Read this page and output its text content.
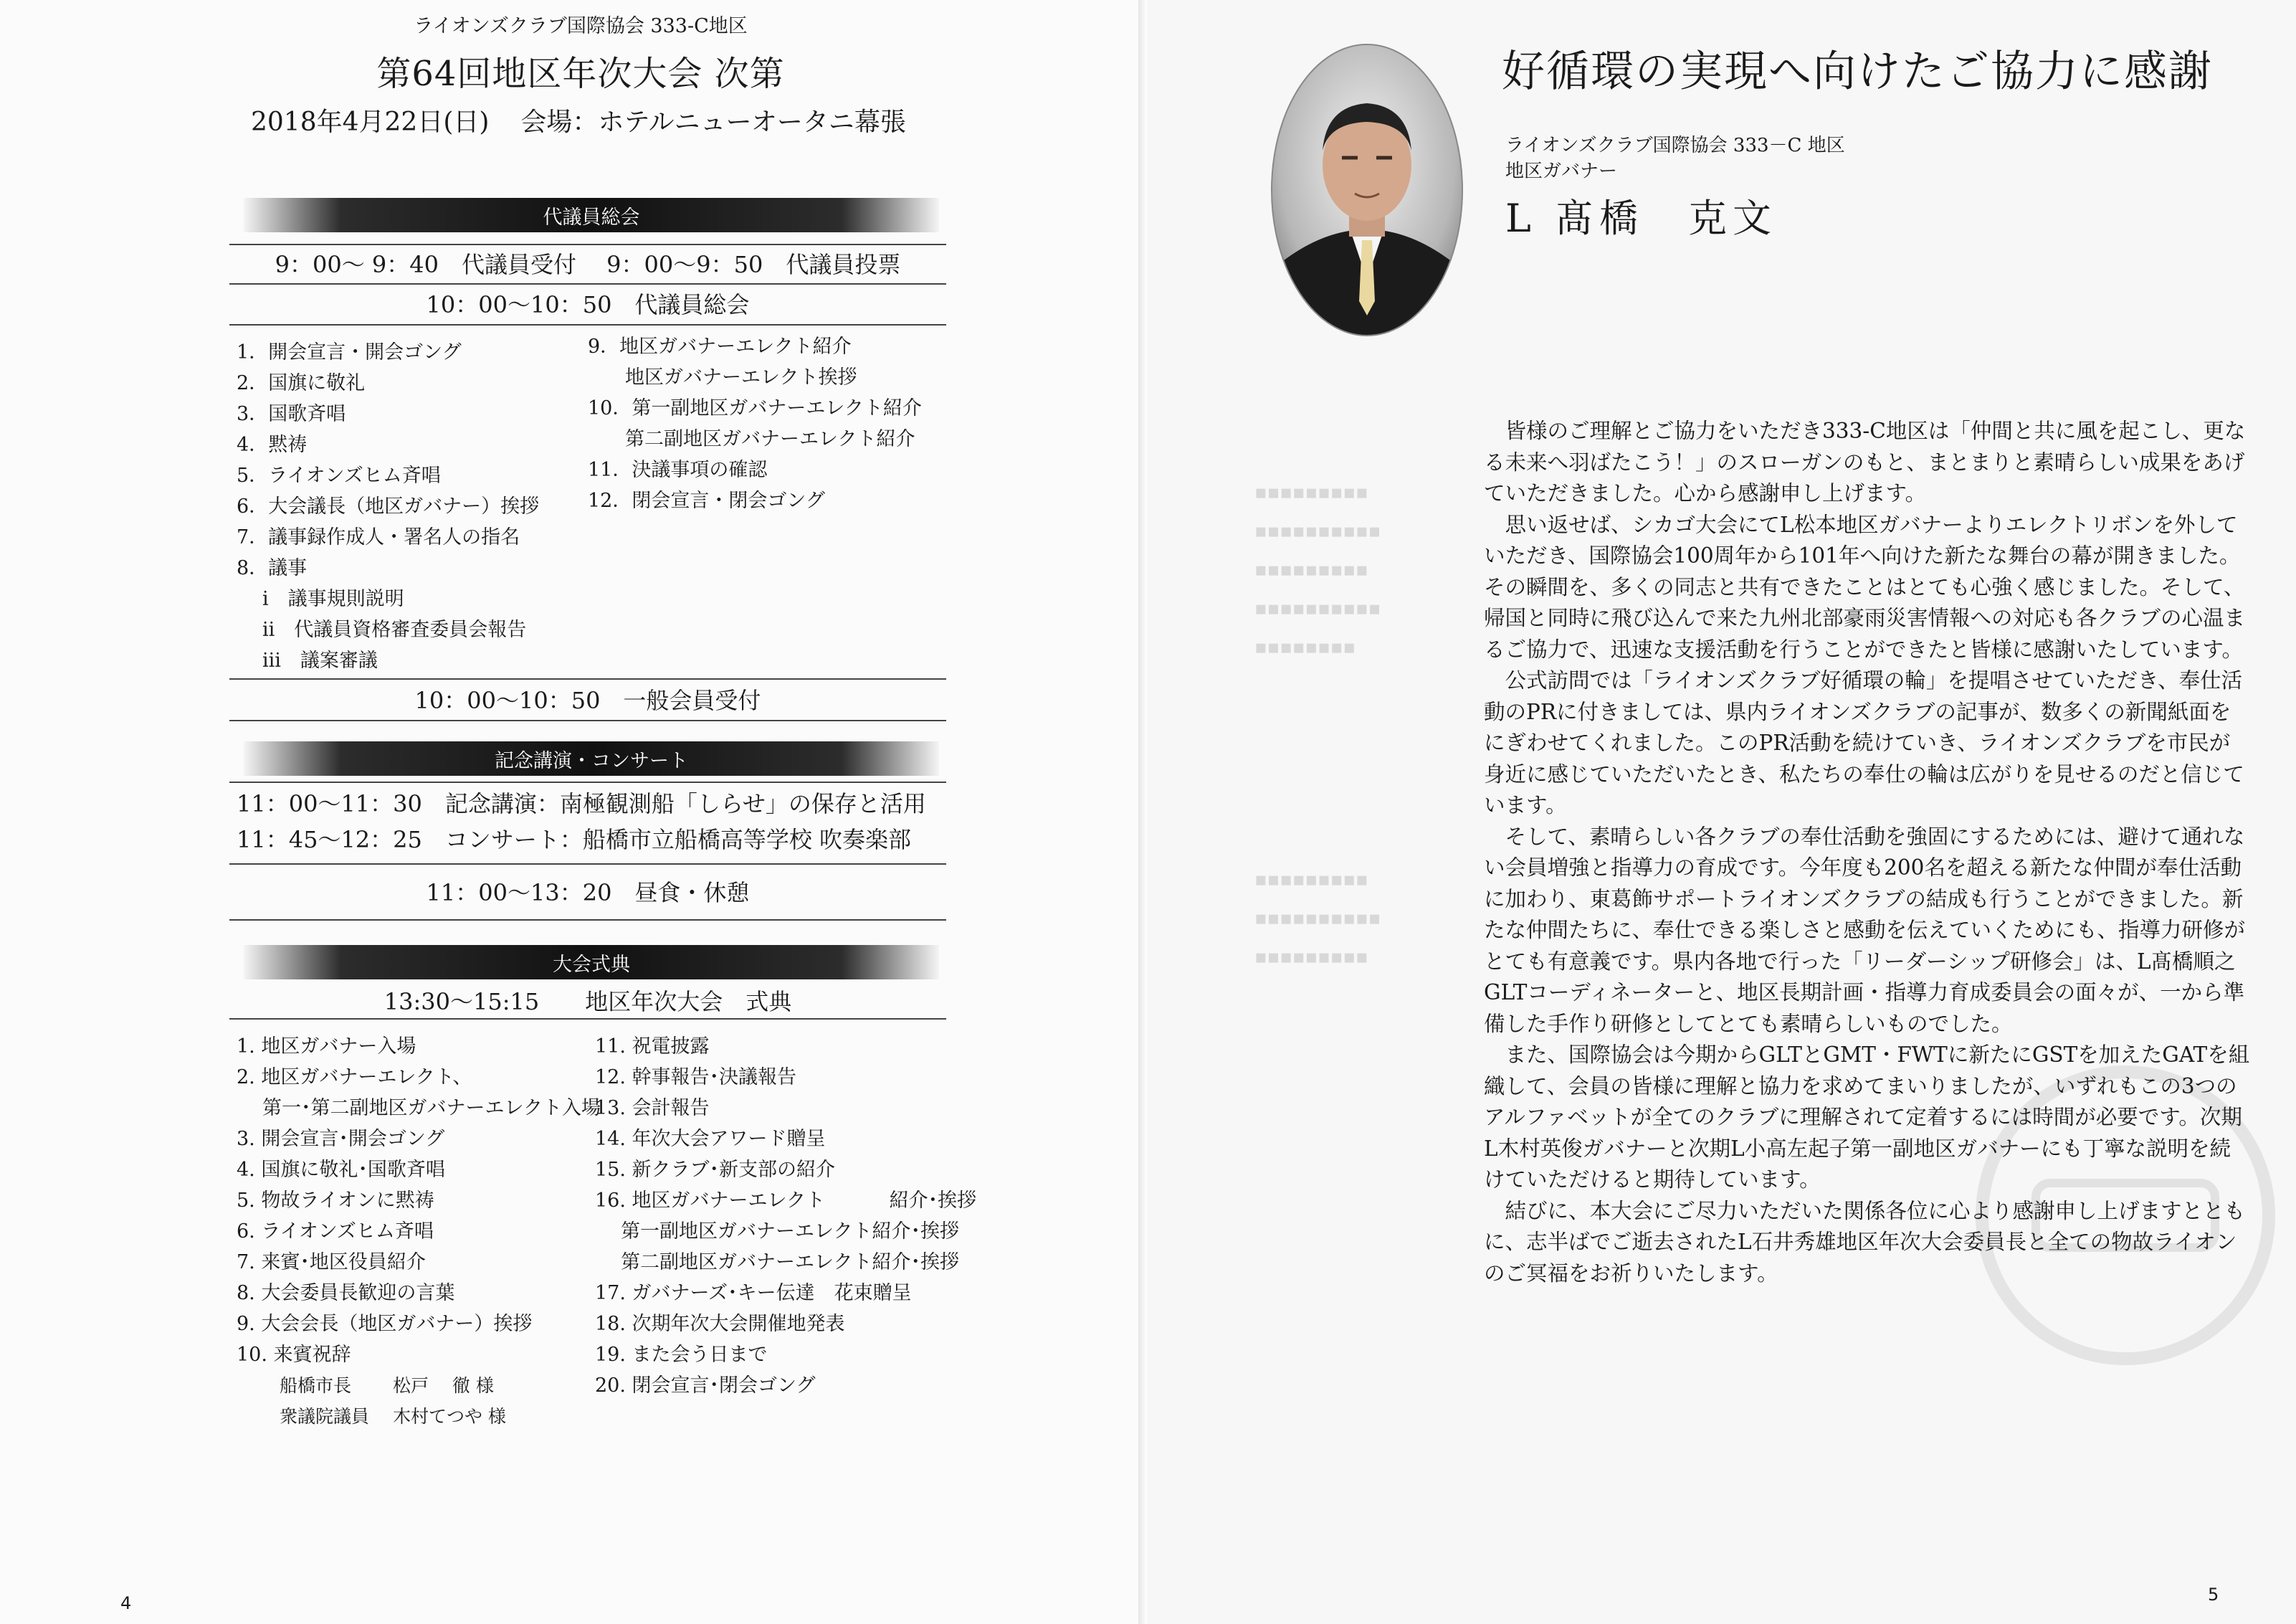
ライオンズクラブ国際協会 333-C地区
第64回地区年次大会 次第
2018年4月22日(日) 会場：ホテルニューオータニ幕張
代議員総会
9：00〜 9：40　代議員受付　 9：00〜9：50　代議員投票
10：00〜10：50　代議員総会
1．開会宣言・開会ゴング
2．国旗に敬礼
3．国歌斉唱
4．黙祷
5．ライオンズヒム斉唱
6．大会議長（地区ガバナー）挨拶
7．議事録作成人・署名人の指名
8．議事
ⅰ　議事規則説明
ⅱ　代議員資格審査委員会報告
ⅲ　議案審議
9．地区ガバナーエレクト紹介
地区ガバナーエレクト挨拶
10．第一副地区ガバナーエレクト紹介
第二副地区ガバナーエレクト紹介
11．決議事項の確認
12．閉会宣言・閉会ゴング
10：00〜10：50　一般会員受付
記念講演・コンサート
11：00〜11：30　記念講演：南極観測船「しらせ」の保存と活用
11：45〜12：25　コンサート：船橋市立船橋高等学校 吹奏楽部
11：00〜13：20　昼食・休憩
大会式典
13:30〜15:15　　地区年次大会　式典
1. 地区ガバナー入場
2. 地区ガバナーエレクト、
第一･第二副地区ガバナーエレクト入場
3. 開会宣言･開会ゴング
4. 国旗に敬礼･国歌斉唱
5. 物故ライオンに黙祷
6. ライオンズヒム斉唱
7. 来賓･地区役員紹介
8. 大会委員長歓迎の言葉
9. 大会会長（地区ガバナー）挨拶
10. 来賓祝辞
船橋市長　　 松戸　 徹 様
衆議院議員　 木村てつや 様
11. 祝電披露
12. 幹事報告･決議報告
13. 会計報告
14. 年次大会アワード贈呈
15. 新クラブ･新支部の紹介
16. 地区ガバナーエレクト　　　 紹介･挨拶
第一副地区ガバナーエレクト紹介･挨拶
第二副地区ガバナーエレクト紹介･挨拶
17. ガバナーズ･キー伝達　花束贈呈
18. 次期年次大会開催地発表
19. また会う日まで
20. 閉会宣言･閉会ゴング
4
▪▪▪▪▪▪▪▪▪
▪▪▪▪▪▪▪▪▪▪
▪▪▪▪▪▪▪▪▪
▪▪▪▪▪▪▪▪▪▪
▪▪▪▪▪▪▪▪
▪▪▪▪▪▪▪▪▪
▪▪▪▪▪▪▪▪▪▪
▪▪▪▪▪▪▪▪▪
好循環の実現へ向けたご協力に感謝
ライオンズクラブ国際協会 333－C 地区
地区ガバナー
L 髙橋　克文

皆様のご理解とご協力をいただき333-C地区は「仲間と共に風を起こし、更なる未来へ羽ばたこう！」のスローガンのもと、まとまりと素晴らしい成果をあげていただきました。心から感謝申し上げます。

思い返せば、シカゴ大会にてL松本地区ガバナーよりエレクトリボンを外していただき、国際協会100周年から101年へ向けた新たな舞台の幕が開きました。その瞬間を、多くの同志と共有できたことはとても心強く感じました。そして、帰国と同時に飛び込んで来た九州北部豪雨災害情報への対応も各クラブの心温まるご協力で、迅速な支援活動を行うことができたと皆様に感謝いたしています。

公式訪問では「ライオンズクラブ好循環の輪」を提唱させていただき、奉仕活動のPRに付きましては、県内ライオンズクラブの記事が、数多くの新聞紙面をにぎわせてくれました。このPR活動を続けていき、ライオンズクラブを市民が身近に感じていただいたとき、私たちの奉仕の輪は広がりを見せるのだと信じています。

そして、素晴らしい各クラブの奉仕活動を強固にするためには、避けて通れない会員増強と指導力の育成です。今年度も200名を超える新たな仲間が奉仕活動に加わり、東葛飾サポートライオンズクラブの結成も行うことができました。新たな仲間たちに、奉仕できる楽しさと感動を伝えていくためにも、指導力研修がとても有意義です。県内各地で行った「リーダーシップ研修会」は、L髙橋順之GLTコーディネーターと、地区長期計画・指導力育成委員会の面々が、一から準備した手作り研修としてとても素晴らしいものでした。

また、国際協会は今期からGLTとGMT・FWTに新たにGSTを加えたGATを組織して、会員の皆様に理解と協力を求めてまいりましたが、いずれもこの3つのアルファベットが全てのクラブに理解されて定着するには時間が必要です。次期L木村英俊ガバナーと次期L小高左起子第一副地区ガバナーにも丁寧な説明を続けていただけると期待しています。

結びに、本大会にご尽力いただいた関係各位に心より感謝申し上げますとともに、志半ばでご逝去されたL石井秀雄地区年次大会委員長と全ての物故ライオンのご冥福をお祈りいたします。

5
